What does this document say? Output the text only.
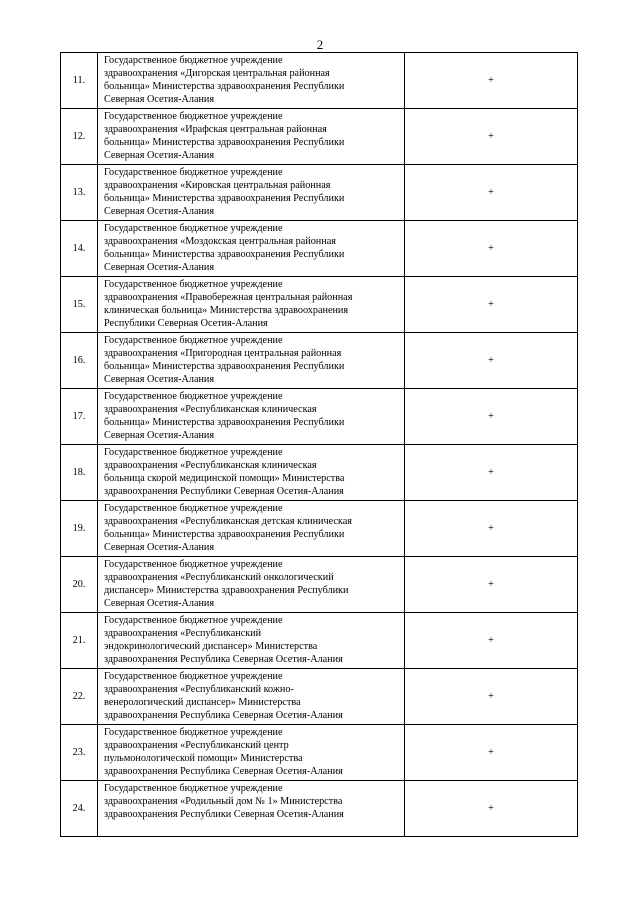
2
11.	Государственное бюджетное учреждение
здравоохранения «Дигорская центральная районная
больница» Министерства здравоохранения Республики
Северная Осетия-Алания	+
12.	Государственное бюджетное учреждение
здравоохранения «Ирафская центральная районная
больница» Министерства здравоохранения Республики
Северная Осетия-Алания	+
13.	Государственное бюджетное учреждение
здравоохранения «Кировская центральная районная
больница» Министерства здравоохранения Республики
Северная Осетия-Алания	+
14.	Государственное бюджетное учреждение
здравоохранения «Моздокская центральная районная
больница» Министерства здравоохранения Республики
Северная Осетия-Алания	+
15.	Государственное бюджетное учреждение
здравоохранения «Правобережная центральная районная
клиническая больница» Министерства здравоохранения
Республики Северная Осетия-Алания	+
16.	Государственное бюджетное учреждение
здравоохранения «Пригородная центральная районная
больница» Министерства здравоохранения Республики
Северная Осетия-Алания	+
17.	Государственное бюджетное учреждение
здравоохранения «Республиканская клиническая
больница» Министерства здравоохранения Республики
Северная Осетия-Алания	+
18.	Государственное бюджетное учреждение
здравоохранения «Республиканская клиническая
больница скорой медицинской помощи» Министерства
здравоохранения Республики Северная Осетия-Алания	+
19.	Государственное бюджетное учреждение
здравоохранения «Республиканская детская клиническая
больница» Министерства здравоохранения Республики
Северная Осетия-Алания	+
20.	Государственное бюджетное учреждение
здравоохранения «Республиканский онкологический
диспансер» Министерства здравоохранения Республики
Северная Осетия-Алания	+
21.	Государственное бюджетное учреждение
здравоохранения «Республиканский
эндокринологический диспансер» Министерства
здравоохранения Республика Северная Осетия-Алания	+
22.	Государственное бюджетное учреждение
здравоохранения «Республиканский кожно-
венерологический диспансер» Министерства
здравоохранения Республика Северная Осетия-Алания	+
23.	Государственное бюджетное учреждение
здравоохранения «Республиканский центр
пульмонологической помощи» Министерства
здравоохранения Республика Северная Осетия-Алания	+
24.	Государственное бюджетное учреждение
здравоохранения «Родильный дом № 1» Министерства
здравоохранения Республики Северная Осетия-Алания	+
